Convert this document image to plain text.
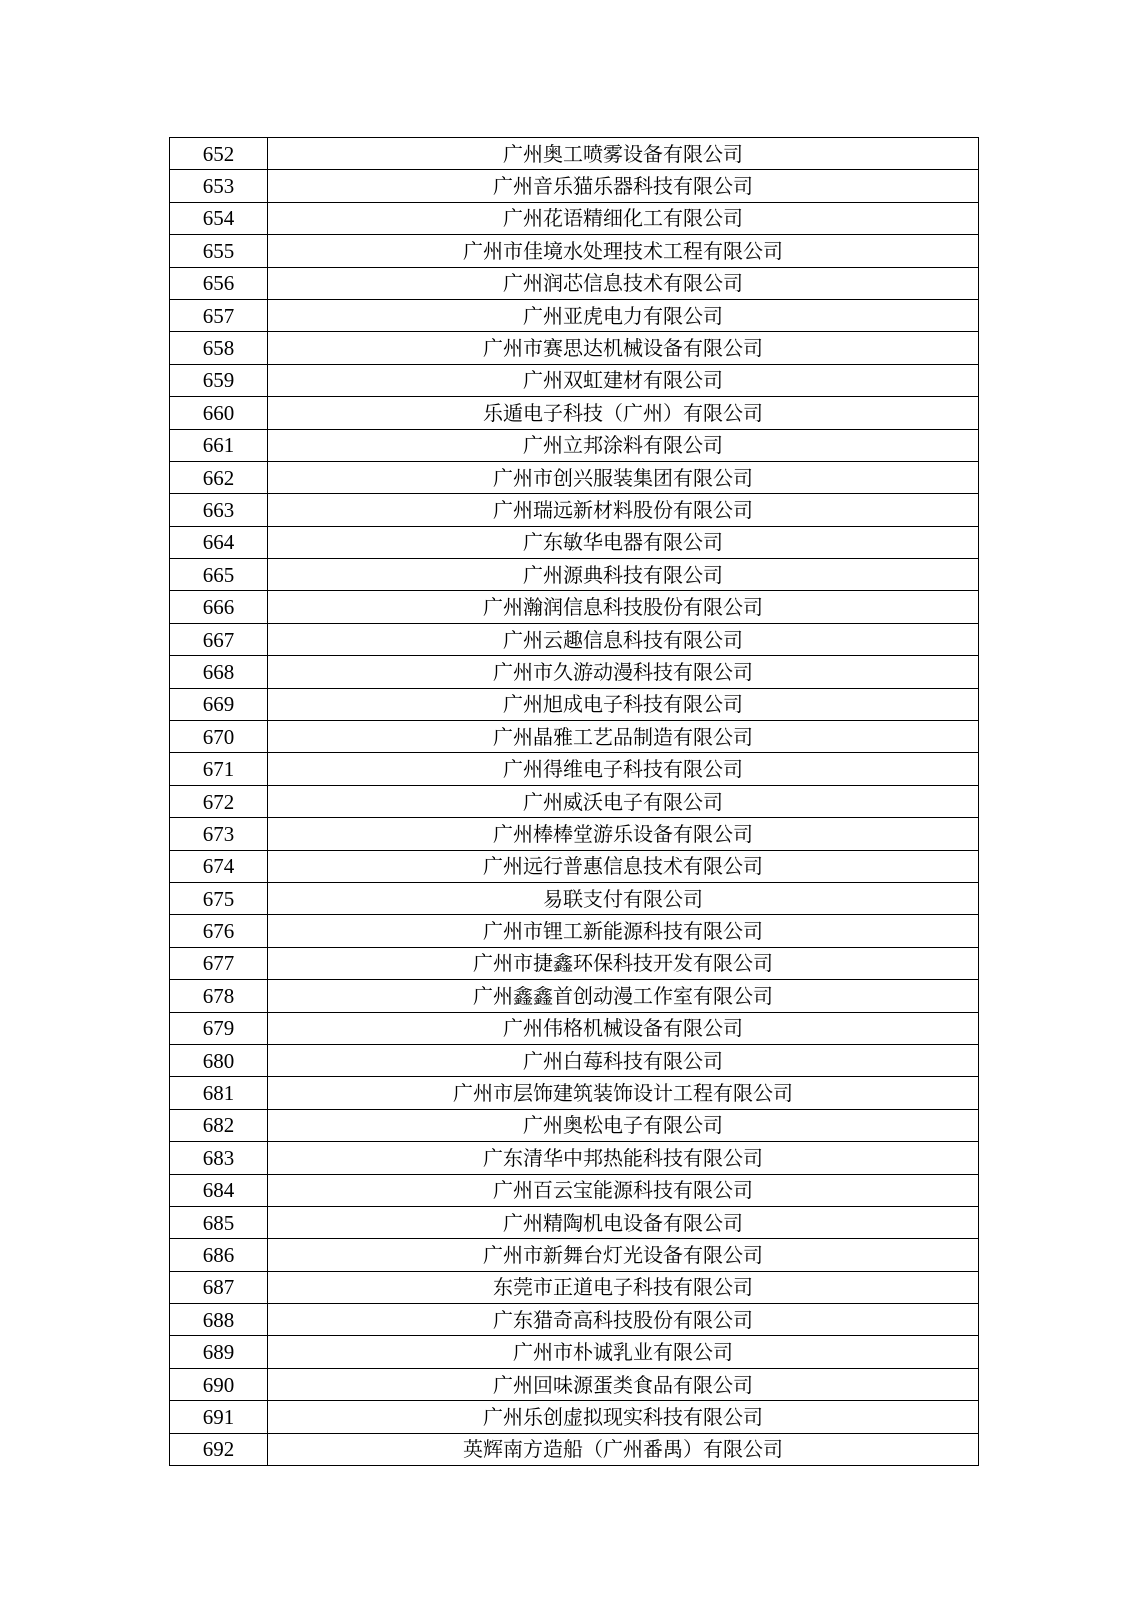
652	广州奥工喷雾设备有限公司
653	广州音乐猫乐器科技有限公司
654	广州花语精细化工有限公司
655	广州市佳境水处理技术工程有限公司
656	广州润芯信息技术有限公司
657	广州亚虎电力有限公司
658	广州市赛思达机械设备有限公司
659	广州双虹建材有限公司
660	乐遁电子科技（广州）有限公司
661	广州立邦涂料有限公司
662	广州市创兴服装集团有限公司
663	广州瑞远新材料股份有限公司
664	广东敏华电器有限公司
665	广州源典科技有限公司
666	广州瀚润信息科技股份有限公司
667	广州云趣信息科技有限公司
668	广州市久游动漫科技有限公司
669	广州旭成电子科技有限公司
670	广州晶雅工艺品制造有限公司
671	广州得维电子科技有限公司
672	广州威沃电子有限公司
673	广州棒棒堂游乐设备有限公司
674	广州远行普惠信息技术有限公司
675	易联支付有限公司
676	广州市锂工新能源科技有限公司
677	广州市捷鑫环保科技开发有限公司
678	广州鑫鑫首创动漫工作室有限公司
679	广州伟格机械设备有限公司
680	广州白莓科技有限公司
681	广州市层饰建筑装饰设计工程有限公司
682	广州奥松电子有限公司
683	广东清华中邦热能科技有限公司
684	广州百云宝能源科技有限公司
685	广州精陶机电设备有限公司
686	广州市新舞台灯光设备有限公司
687	东莞市正道电子科技有限公司
688	广东猎奇高科技股份有限公司
689	广州市朴诚乳业有限公司
690	广州回味源蛋类食品有限公司
691	广州乐创虚拟现实科技有限公司
692	英辉南方造船（广州番禺）有限公司
